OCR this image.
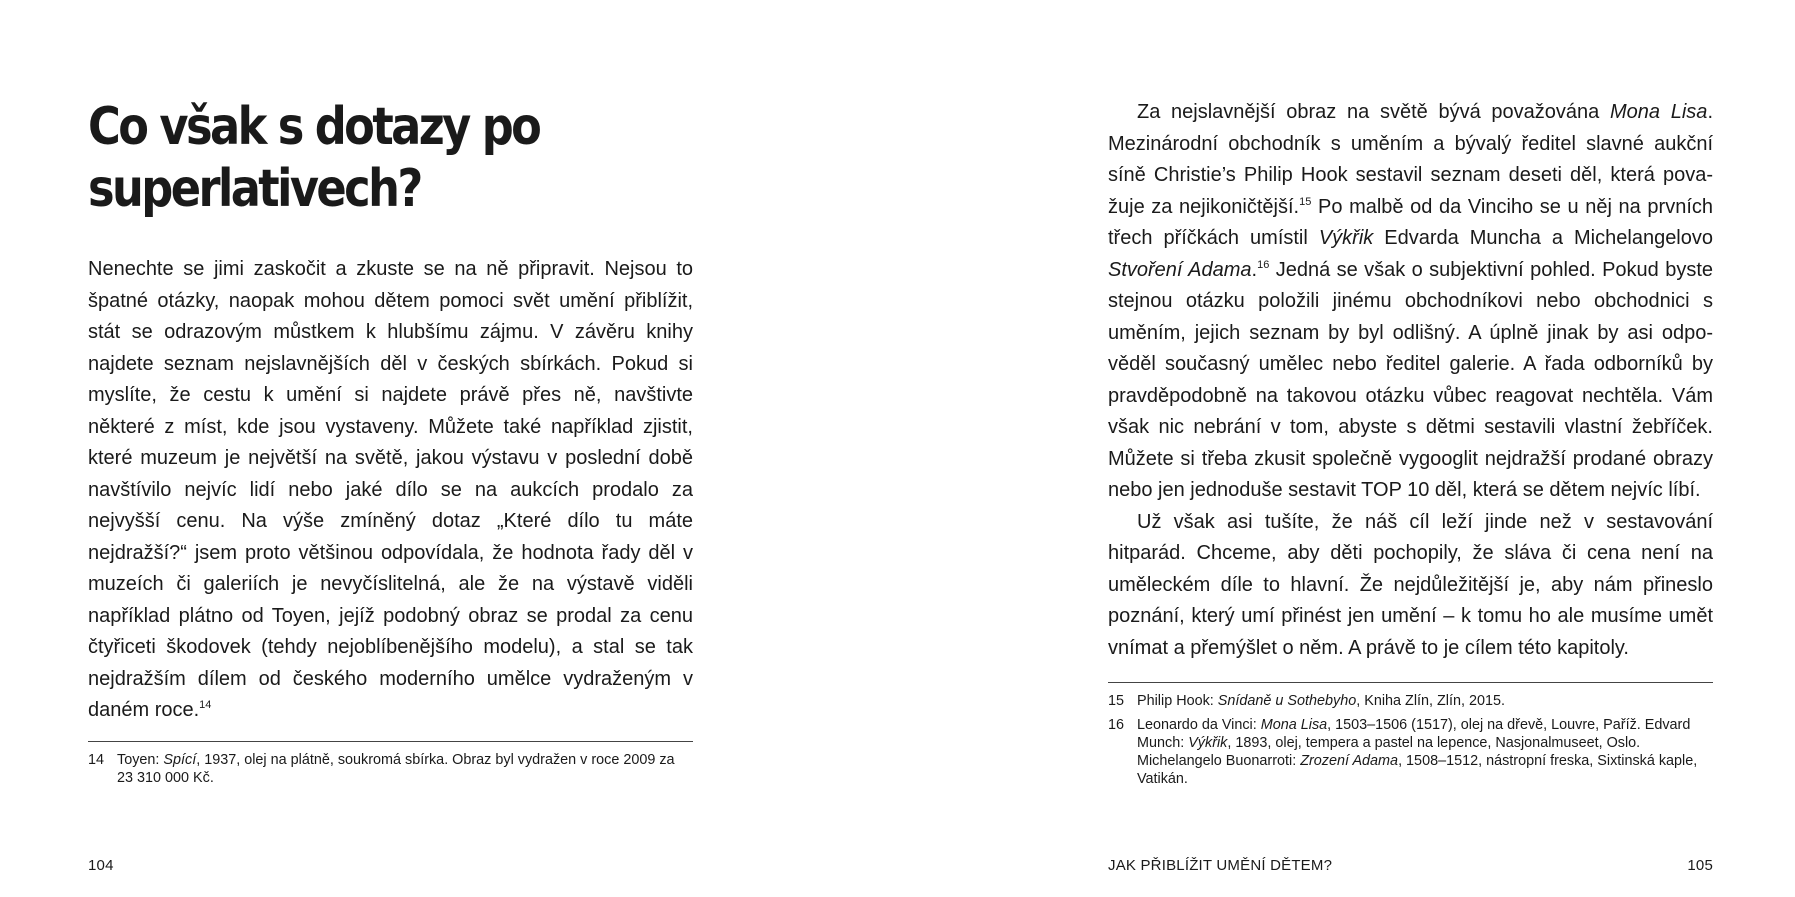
Co však s dotazy po
superlativech?

Nenechte se jimi zaskočit a zkuste se na ně připravit. Nejsou to špatné otázky, naopak mohou dětem pomoci svět umění přiblížit, stát se odrazovým můstkem k hlubšímu zájmu. V závěru knihy najdete seznam nejslavnějších děl v českých sbírkách. Pokud si myslíte, že cestu k umění si najdete právě přes ně, navštivte některé z míst, kde jsou vystaveny. Můžete také například zjistit, které muzeum je největší na světě, jakou výstavu v poslední době navštívilo nejvíc lidí nebo jaké dílo se na aukcích prodalo za nejvyšší cenu. Na výše zmíněný dotaz „Které dílo tu máte nejdražší?“ jsem proto většinou odpovídala, že hodnota řady děl v muzeích či galeriích je nevyčíslitelná, ale že na výstavě viděli například plátno od Toyen, jejíž podobný obraz se prodal za cenu čtyřiceti škodovek (tehdy nejoblíbenějšího modelu), a stal se tak nejdražším dílem od českého moderního umělce vydraženým v daném roce.$^{14}$

14 Toyen: Spící, 1937, olej na plátně, soukromá sbírka. Obraz byl vydražen v roce 2009 za 23 310 000 Kč.
104

Za nejslavnější obraz na světě bývá považována Mona Lisa. Mezinárodní obchodník s uměním a bývalý ředitel slavné aukční síně Christie’s Philip Hook sestavil seznam deseti děl, která považuje za nejikoničtější.$^{15}$ Po malbě od da Vinciho se u něj na prvních třech příčkách umístil Výkřik Edvarda Muncha a Michelangelovo Stvoření Adama.$^{16}$ Jedná se však o subjektivní pohled. Pokud byste stejnou otázku položili jinému obchodníkovi nebo obchodnici s uměním, jejich seznam by byl odlišný. A úplně jinak by asi odpověděl současný umělec nebo ředitel galerie. A řada odborníků by pravděpodobně na takovou otázku vůbec reagovat nechtěla. Vám však nic nebrání v tom, abyste s dětmi sestavili vlastní žebříček. Můžete si třeba zkusit společně vygooglit nejdražší prodané obrazy nebo jen jednoduše sestavit TOP 10 děl, která se dětem nejvíc líbí.

Už však asi tušíte, že náš cíl leží jinde než v sestavování hitparád. Chceme, aby děti pochopily, že sláva či cena není na uměleckém díle to hlavní. Že nejdůležitější je, aby nám přineslo poznání, který umí přinést jen umění – k tomu ho ale musíme umět vnímat a přemýšlet o něm. A právě to je cílem této kapitoly.

15 Philip Hook: Snídaně u Sothebyho, Kniha Zlín, Zlín, 2015.
16 Leonardo da Vinci: Mona Lisa, 1503–1506 (1517), olej na dřevě, Louvre, Paříž. Edvard Munch: Výkřik, 1893, olej, tempera a pastel na lepence, Nasjonalmuseet, Oslo. Michelangelo Buonarroti: Zrození Adama, 1508–1512, nástropní freska, Sixtinská kaple, Vatikán.
JAK PŘIBLÍŽIT UMĚNÍ DĚTEM?	105
